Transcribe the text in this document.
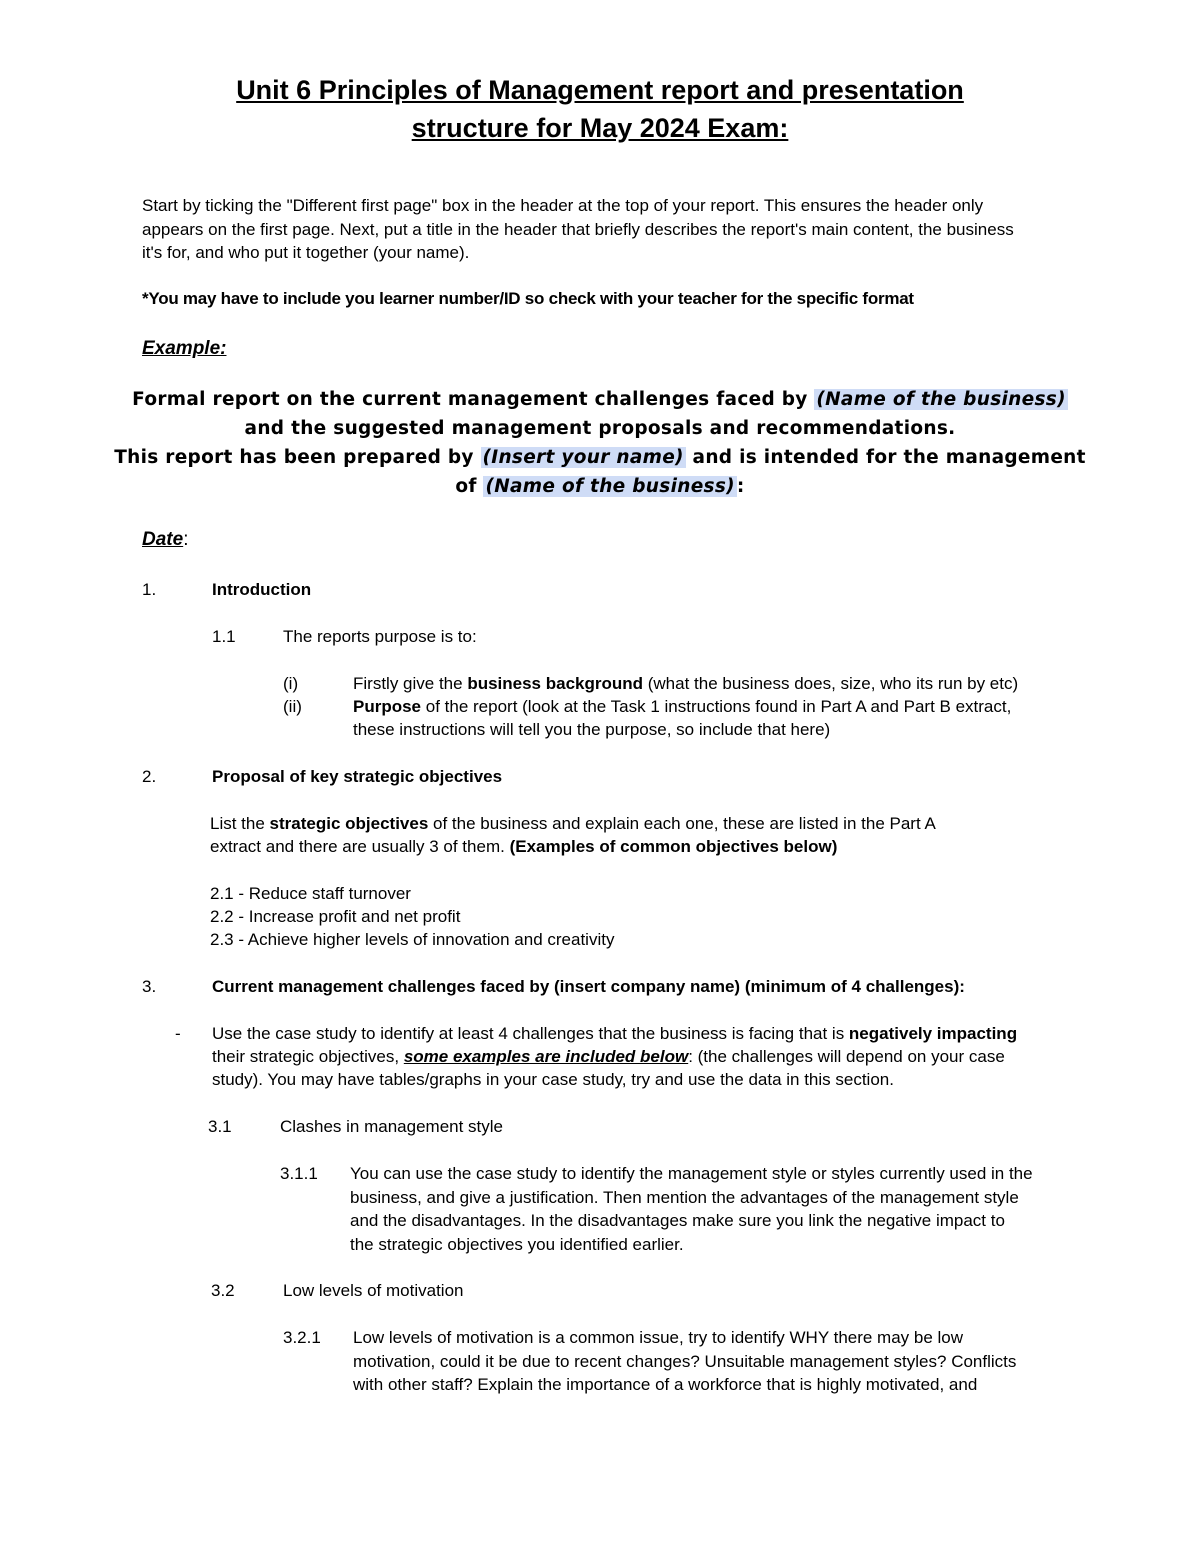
Unit 6 Principles of Management report and presentation
structure for May 2024 Exam:
Start by ticking the "Different first page" box in the header at the top of your report. This ensures the header only
appears on the first page. Next, put a title in the header that briefly describes the report's main content, the business
it's for, and who put it together (your name).
*You may have to include you learner number/ID so check with your teacher for the specific format
Example:
Formal report on the current management challenges faced by (Name of the business)
and the suggested management proposals and recommendations.
This report has been prepared by (Insert your name) and is intended for the management
of (Name of the business) :
Date:
1.	Introduction
1.1	The reports purpose is to:
(i)	Firstly give the business background (what the business does, size, who its run by etc)
(ii)	Purpose of the report (look at the Task 1 instructions found in Part A and Part B extract,
these instructions will tell you the purpose, so include that here)
2.	Proposal of key strategic objectives
List the strategic objectives of the business and explain each one, these are listed in the Part A
extract and there are usually 3 of them. (Examples of common objectives below)
2.1 - Reduce staff turnover
2.2 - Increase profit and net profit
2.3 - Achieve higher levels of innovation and creativity
3.	Current management challenges faced by (insert company name) (minimum of 4 challenges):
- Use the case study to identify at least 4 challenges that the business is facing that is negatively impacting
their strategic objectives, some examples are included below: (the challenges will depend on your case
study). You may have tables/graphs in your case study, try and use the data in this section.
3.1	Clashes in management style
3.1.1 You can use the case study to identify the management style or styles currently used in the
business, and give a justification. Then mention the advantages of the management style
and the disadvantages. In the disadvantages make sure you link the negative impact to
the strategic objectives you identified earlier.
3.2	Low levels of motivation
3.2.1 Low levels of motivation is a common issue, try to identify WHY there may be low
motivation, could it be due to recent changes? Unsuitable management styles? Conflicts
with other staff? Explain the importance of a workforce that is highly motivated, and
